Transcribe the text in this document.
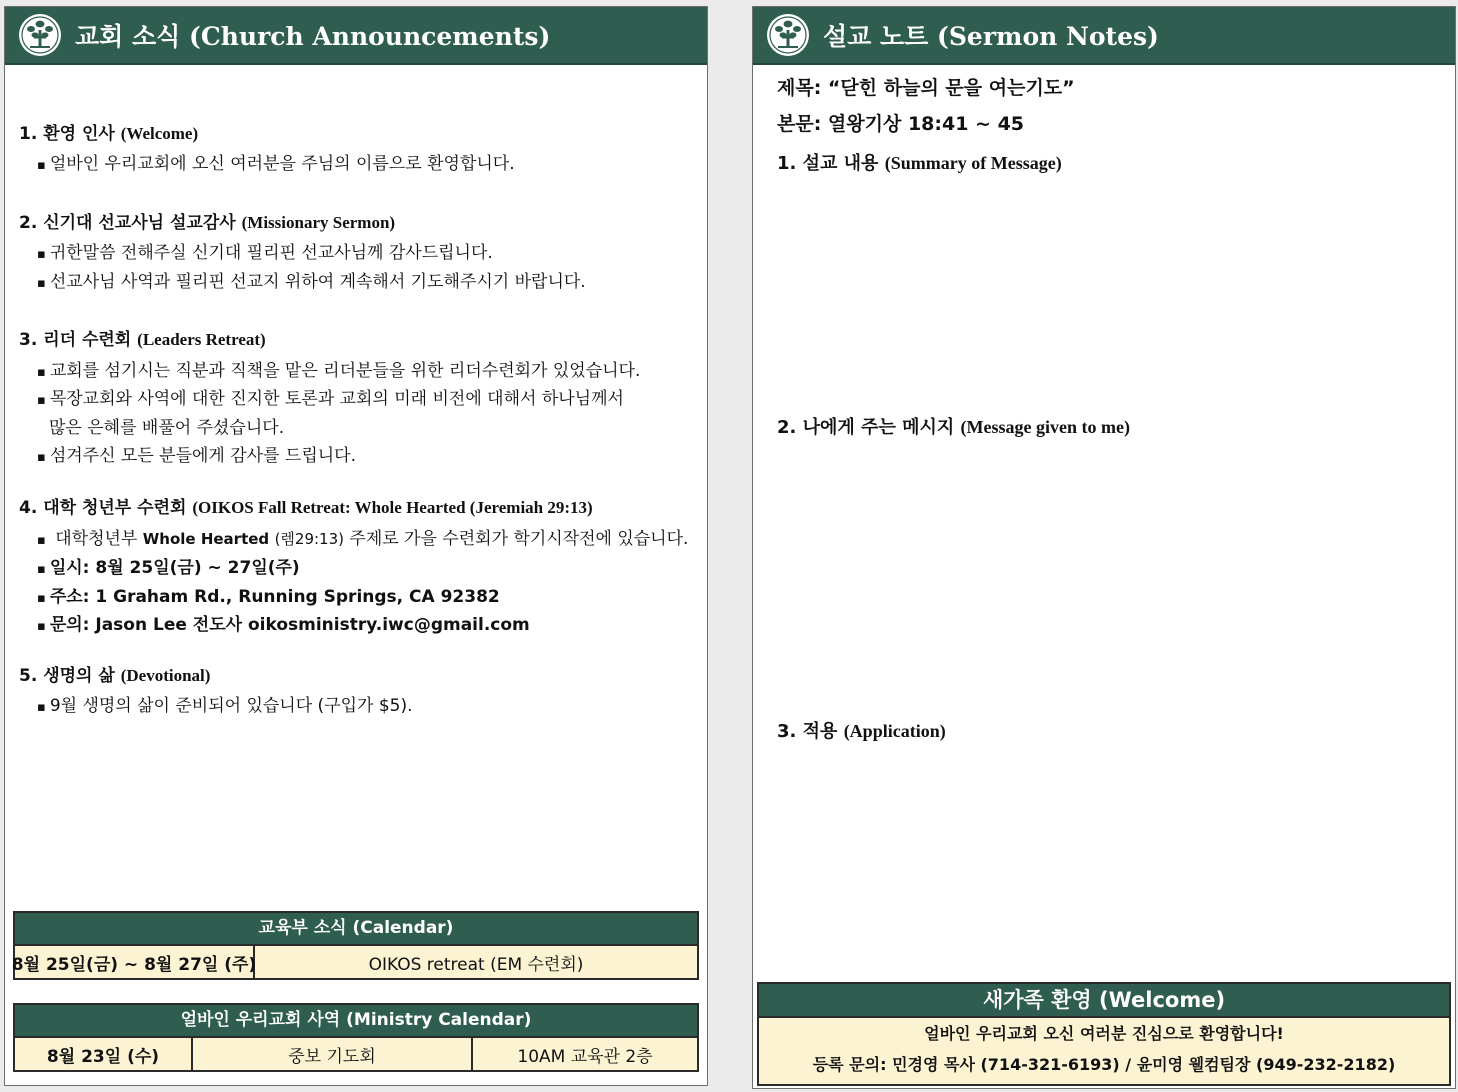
교회 소식 (Church Announcements)
1. 환영 인사 (Welcome)
▪ 얼바인 우리교회에 오신 여러분을 주님의 이름으로 환영합니다.
2. 신기대 선교사님 설교감사 (Missionary Sermon)
▪ 귀한말씀 전해주실 신기대 필리핀 선교사님께 감사드립니다.
▪ 선교사님 사역과 필리핀 선교지 위하여 계속해서 기도해주시기 바랍니다.
3. 리더 수련회 (Leaders Retreat)
▪ 교회를 섬기시는 직분과 직책을 맡은 리더분들을 위한 리더수련회가 있었습니다.
▪ 목장교회와 사역에 대한 진지한 토론과 교회의 미래 비전에 대해서 하나님께서
많은 은혜를 배풀어 주셨습니다.
▪ 섬겨주신 모든 분들에게 감사를 드립니다.
4. 대학 청년부 수련회 (OIKOS Fall Retreat: Whole Hearted (Jeremiah 29:13)
▪ 대학청년부 Whole Hearted (렘29:13) 주제로 가을 수련회가 학기시작전에 있습니다.
▪ 일시: 8월 25일(금) ~ 27일(주)
▪ 주소: 1 Graham Rd., Running Springs, CA 92382
▪ 문의: Jason Lee 전도사 oikosministry.iwc@gmail.com
5. 생명의 삶 (Devotional)
▪ 9월 생명의 삶이 준비되어 있습니다 (구입가 $5).
교육부 소식 (Calendar)
8월 25일(금) ~ 8월 27일 (주)	OIKOS retreat (EM 수련회)
얼바인 우리교회 사역 (Ministry Calendar)
8월 23일 (수)	중보 기도회	10AM 교육관 2층
설교 노트 (Sermon Notes)
제목: “닫힌 하늘의 문을 여는기도”
본문: 열왕기상 18:41 ~ 45
1. 설교 내용 (Summary of Message)
2. 나에게 주는 메시지 (Message given to me)
3. 적용 (Application)
새가족 환영 (Welcome)
얼바인 우리교회 오신 여러분 진심으로 환영합니다!
등록 문의: 민경영 목사 (714-321-6193) / 윤미영 웰컴팀장 (949-232-2182)
